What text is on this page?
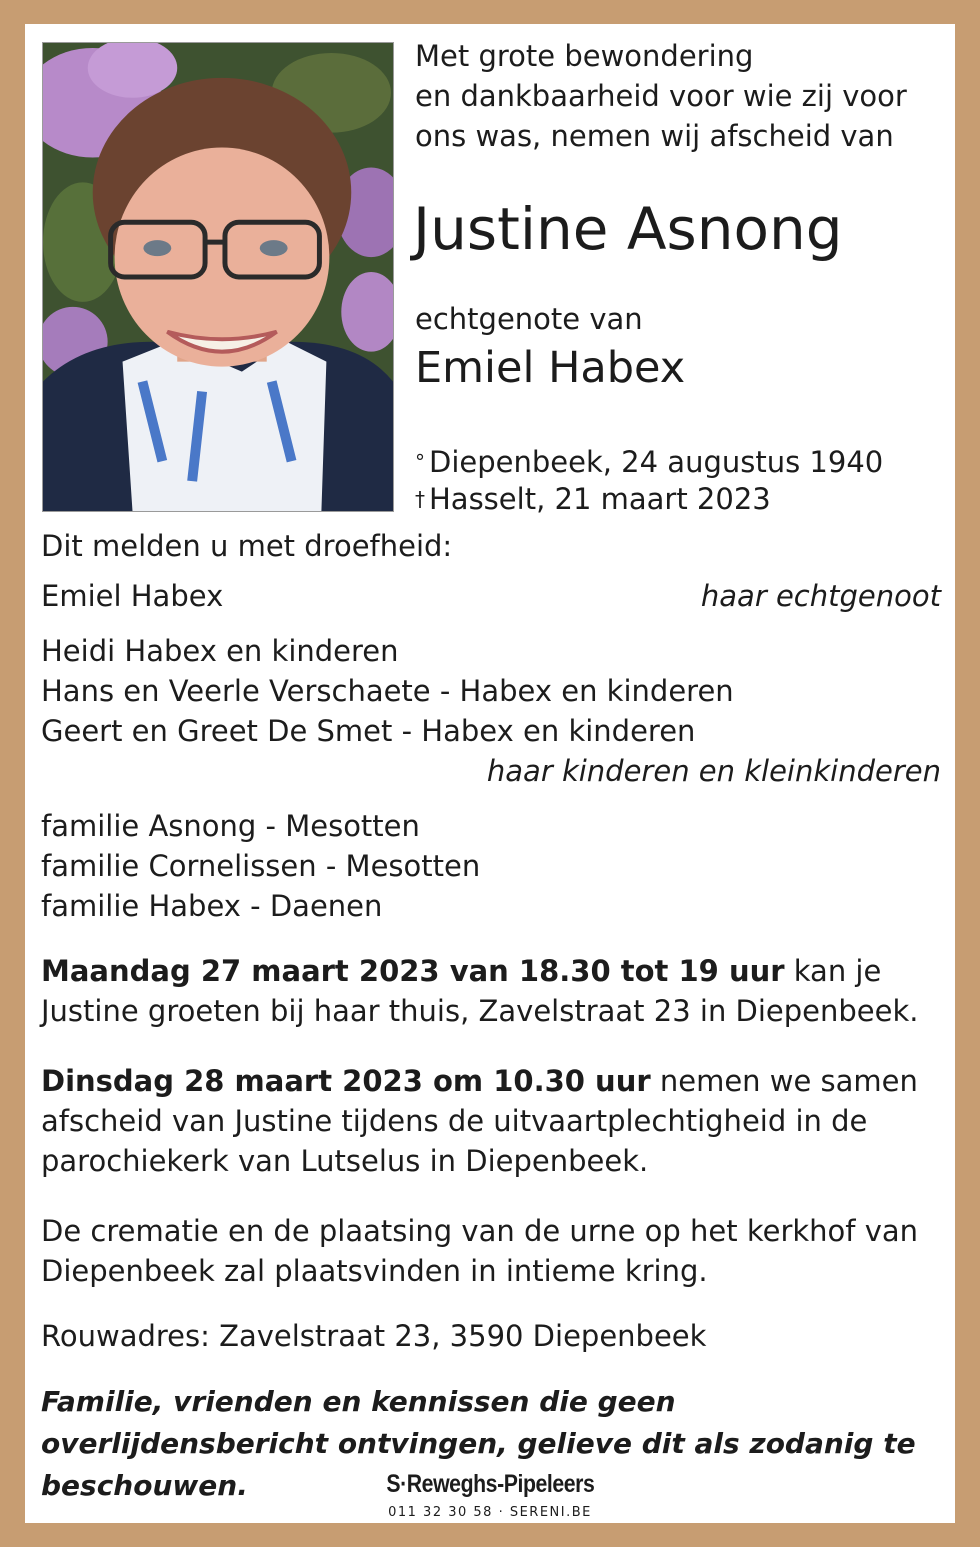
Met grote bewondering
en dankbaarheid voor wie zij voor
ons was, nemen wij afscheid van
Justine Asnong
echtgenote van
Emiel Habex
° Diepenbeek, 24 augustus 1940
† Hasselt, 21 maart 2023
Dit melden u met droefheid:
Emiel Habex	haar echtgenoot
Heidi Habex en kinderen
Hans en Veerle Verschaete - Habex en kinderen
Geert en Greet De Smet - Habex en kinderen
haar kinderen en kleinkinderen
familie Asnong - Mesotten
familie Cornelissen - Mesotten
familie Habex - Daenen
Maandag 27 maart 2023 van 18.30 tot 19 uur kan je Justine groeten bij haar thuis, Zavelstraat 23 in Diepenbeek.
Dinsdag 28 maart 2023 om 10.30 uur nemen we samen afscheid van Justine tijdens de uitvaartplechtigheid in de parochiekerk van Lutselus in Diepenbeek.
De crematie en de plaatsing van de urne op het kerkhof van Diepenbeek zal plaatsvinden in intieme kring.
Rouwadres: Zavelstraat 23, 3590 Diepenbeek
Familie, vrienden en kennissen die geen overlijdensbericht ontvingen, gelieve dit als zodanig te beschouwen.	S·Reweghs-Pipeleers
011 32 30 58 · SERENI.BE
